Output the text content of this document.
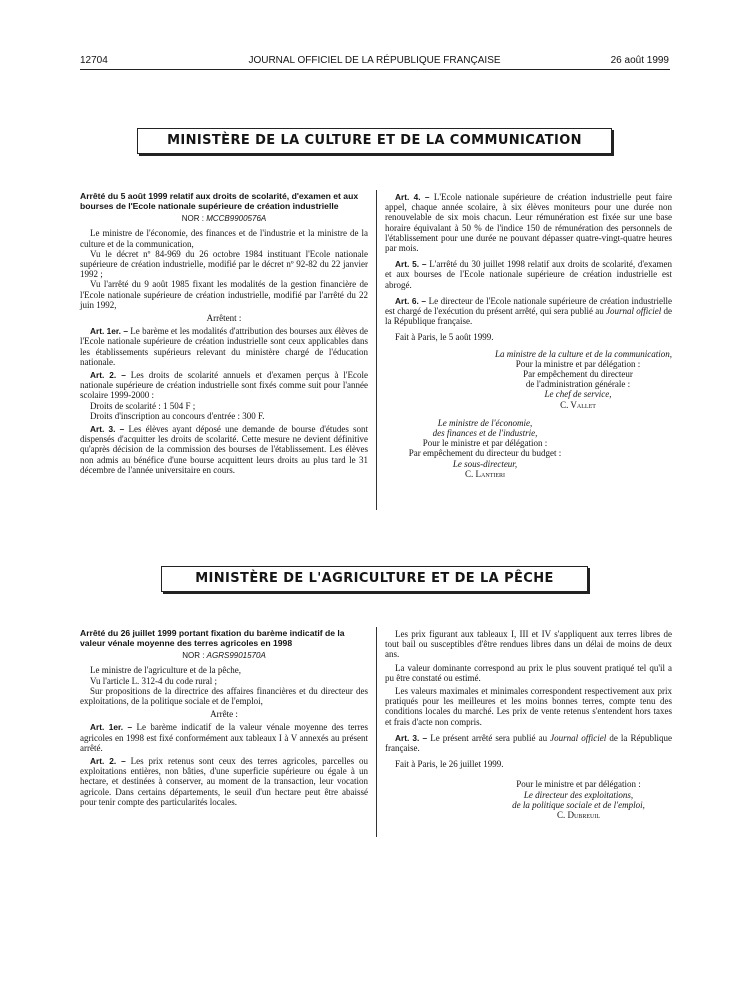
12704	JOURNAL OFFICIEL DE LA RÉPUBLIQUE FRANÇAISE	26 août 1999
MINISTÈRE DE LA CULTURE ET DE LA COMMUNICATION

Arrêté du 5 août 1999 relatif aux droits de scolarité, d'examen et aux bourses de l'Ecole nationale supérieure de création industrielle

NOR : MCCB9900576A

Le ministre de l'économie, des finances et de l'industrie et la ministre de la culture et de la communication,

Vu le décret nº 84-969 du 26 octobre 1984 instituant l'Ecole nationale supérieure de création industrielle, modifié par le décret nº 92-82 du 22 janvier 1992 ;

Vu l'arrêté du 9 août 1985 fixant les modalités de la gestion financière de l'Ecole nationale supérieure de création industrielle, modifié par l'arrêté du 22 juin 1992,

Arrêtent :

Art. 1er. – Le barème et les modalités d'attribution des bourses aux élèves de l'Ecole nationale supérieure de création industrielle sont ceux applicables dans les établissements supérieurs relevant du ministère chargé de l'éducation nationale.

Art. 2. – Les droits de scolarité annuels et d'examen perçus à l'Ecole nationale supérieure de création industrielle sont fixés comme suit pour l'année scolaire 1999-2000 :

Droits de scolarité : 1 504 F ;

Droits d'inscription au concours d'entrée : 300 F.

Art. 3. – Les élèves ayant déposé une demande de bourse d'études sont dispensés d'acquitter les droits de scolarité. Cette mesure ne devient définitive qu'après décision de la commission des bourses de l'établissement. Les élèves non admis au bénéfice d'une bourse acquittent leurs droits au plus tard le 31 décembre de l'année universitaire en cours.

Art. 4. – L'Ecole nationale supérieure de création industrielle peut faire appel, chaque année scolaire, à six élèves moniteurs pour une durée non renouvelable de six mois chacun. Leur rémunération est fixée sur une base horaire équivalant à 50 % de l'indice 150 de rémunération des personnels de l'établissement pour une durée ne pouvant dépasser quatre-vingt-quatre heures par mois.

Art. 5. – L'arrêté du 30 juillet 1998 relatif aux droits de scolarité, d'examen et aux bourses de l'Ecole nationale supérieure de création industrielle est abrogé.

Art. 6. – Le directeur de l'Ecole nationale supérieure de création industrielle est chargé de l'exécution du présent arrêté, qui sera publié au Journal officiel de la République française.

Fait à Paris, le 5 août 1999.

La ministre de la culture et de la communication,

Pour la ministre et par délégation :

Par empêchement du directeur

de l'administration générale :

Le chef de service,

C. Vallet

Le ministre de l'économie,

des finances et de l'industrie,

Pour le ministre et par délégation :

Par empêchement du directeur du budget :

Le sous-directeur,

C. Lantieri

MINISTÈRE DE L'AGRICULTURE ET DE LA PÊCHE

Arrêté du 26 juillet 1999 portant fixation du barème indicatif de la valeur vénale moyenne des terres agricoles en 1998

NOR : AGRS9901570A

Le ministre de l'agriculture et de la pêche,

Vu l'article L. 312-4 du code rural ;

Sur propositions de la directrice des affaires financières et du directeur des exploitations, de la politique sociale et de l'emploi,

Arrête :

Art. 1er. – Le barème indicatif de la valeur vénale moyenne des terres agricoles en 1998 est fixé conformément aux tableaux I à V annexés au présent arrêté.

Art. 2. – Les prix retenus sont ceux des terres agricoles, parcelles ou exploitations entières, non bâties, d'une superficie supérieure ou égale à un hectare, et destinées à conserver, au moment de la transaction, leur vocation agricole. Dans certains départements, le seuil d'un hectare peut être abaissé pour tenir compte des particularités locales.

Les prix figurant aux tableaux I, III et IV s'appliquent aux terres libres de tout bail ou susceptibles d'être rendues libres dans un délai de moins de deux ans.

La valeur dominante correspond au prix le plus souvent pratiqué tel qu'il a pu être constaté ou estimé.

Les valeurs maximales et minimales correspondent respectivement aux prix pratiqués pour les meilleures et les moins bonnes terres, compte tenu des conditions locales du marché. Les prix de vente retenus s'entendent hors taxes et frais d'acte non compris.

Art. 3. – Le présent arrêté sera publié au Journal officiel de la République française.

Fait à Paris, le 26 juillet 1999.

Pour le ministre et par délégation :

Le directeur des exploitations,

de la politique sociale et de l'emploi,

C. Dubreuil
